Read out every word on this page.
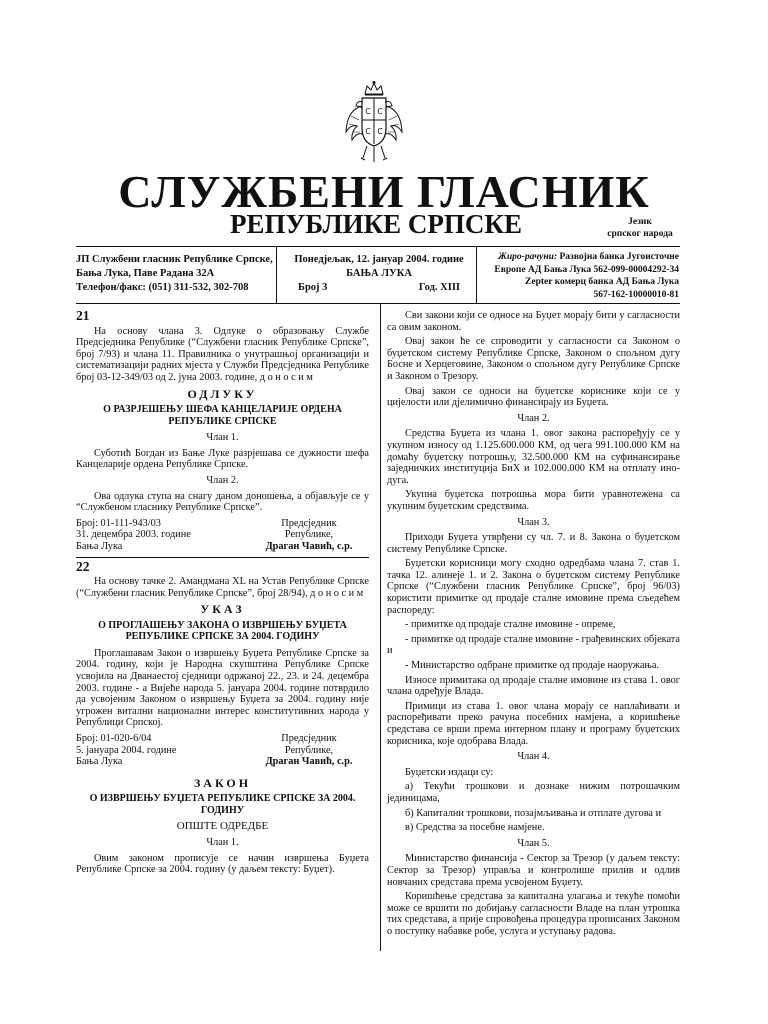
С С
С С
СЛУЖБЕНИ ГЛАСНИК
РЕПУБЛИКЕ СРПСКЕ	Језик
српског народа
ЈП Службени гласник Републике Српске,
Бања Лука, Паве Радана 32А
Телефон/факс: (051) 311-532, 302-708
Понедјељак, 12. јануар 2004. године
БАЊА ЛУКА
Број 3	Год. XIII
Жиро-рачуни: Развојна банка Југоисточне
Европе АД Бања Лука 562-099-00004292-34
Zepter комерц банка АД Бања Лука
567-162-10000010-81
21

На основу члана 3. Одлуке о образовању Службе Предсједника Републике (“Службени гласник Републике Српске”, број 7/93) и члана 11. Правилника о унутрашњој организацији и систематизацији радних мјеста у Служби Предсједника Републике број 03-12-349/03 од 2. јуна 2003. године, д о н о с и м

ОДЛУКУ
О РАЗРЈЕШЕЊУ ШЕФА КАНЦЕЛАРИЈЕ ОРДЕНА РЕПУБЛИКЕ СРПСКЕ
Члан 1.

Суботић Богдан из Бање Луке разрјешава се дужности шефа Канцеларије ордена Републике Српске.

Члан 2.

Ова одлука ступа на снагу даном доношења, а објављује се у “Службеном гласнику Републике Српске”.

Број: 01-111-943/03
31. децембра 2003. године
Бања Лука
Предсједник
Републике,
Драган Чавић, с.р.
22

На основу тачке 2. Амандмана XL на Устав Републике Српске (“Службени гласник Републике Српске”, број 28/94), д о н о с и м

УКАЗ
О ПРОГЛАШЕЊУ ЗАКОНА О ИЗВРШЕЊУ БУЏЕТА РЕПУБЛИКЕ СРПСКЕ ЗА 2004. ГОДИНУ

Проглашавам Закон о извршењу Буџета Републике Српске за 2004. годину, који је Народна скупштина Републике Српске усвојила на Дванаестој сједници одржаној 22., 23. и 24. децембра 2003. године - а Вијеће народа 5. јануара 2004. године потврдило да усвојеним Законом о извршењу Буџета за 2004. годину није угрожен витални национални интерес конститутивних народа у Републици Српској.

Број: 01-020-6/04
5. јануара 2004. године
Бања Лука
Предсједник
Републике,
Драган Чавић, с.р.
ЗАКОН
О ИЗВРШЕЊУ БУЏЕТА РЕПУБЛИКЕ СРПСКЕ ЗА 2004. ГОДИНУ
ОПШТЕ ОДРЕДБЕ
Члан 1.

Овим законом прописује се начин извршења Буџета Републике Српске за 2004. годину (у даљем тексту: Буџет).

Сви закони који се односе на Буџет морају бити у сагласности са овим законом.

Овај закон ће се спроводити у сагласности са Законом о буџетском систему Републике Српске, Законом о спољном дугу Босне и Херцеговине, Законом о спољном дугу Републике Српске и Законом о Трезору.

Овај закон се односи на буџетске кориснике који се у цијелости или дјелимично финансирају из Буџета.

Члан 2.

Средства Буџета из члана 1. овог закона распоређују се у укупном износу од 1.125.600.000 КМ, од чега 991.100.000 КМ на домаћу буџетску потрошњу, 32.500.000 КМ на суфинансирање заједничких институција БиХ и 102.000.000 КМ на отплату ино-дуга.

Укупна буџетска потрошња мора бити уравнотежена са укупним буџетским средствима.

Члан 3.

Приходи Буџета утврђени су чл. 7. и 8. Закона о буџетском систему Републике Српске.

Буџетски корисници могу сходно одредбама члана 7. став 1. тачка 12. алинеје 1. и 2. Закона о буџетском систему Републике Српске (“Службени гласник Републике Српске”, број 96/03) користити примитке од продаје сталне имовине према сљедећем распореду:

- примитке од продаје сталне имовине - опреме,
- примитке од продаје сталне имовине - грађевинских објеката и
- Министарство одбране примитке од продаје наоружања.

Износе примитака од продаје сталне имовине из става 1. овог члана одређује Влада.

Примици из става 1. овог члана морају се наплаћивати и распоређивати преко рачуна посебних намјена, а коришћење средстава се врши према интерном плану и програму буџетских корисника, које одобрава Влада.

Члан 4.

Буџетски издаци су:

а) Текући трошкови и дознаке нижим потрошачким јединицама,

б) Капитални трошкови, позајмљивања и отплате дугова и

в) Средства за посебне намјене.

Члан 5.

Министарство финансија - Сектор за Трезор (у даљем тексту: Сектор за Трезор) управља и контролише прилив и одлив новчаних средстава према усвојеном Буџету.

Коришћење средстава за капитална улагања и текуће помоћи може се вршити по добијању сагласности Владе на план утрошка тих средстава, а прије спровођења процедура прописаних Законом о поступку набавке робе, услуга и уступању радова.
